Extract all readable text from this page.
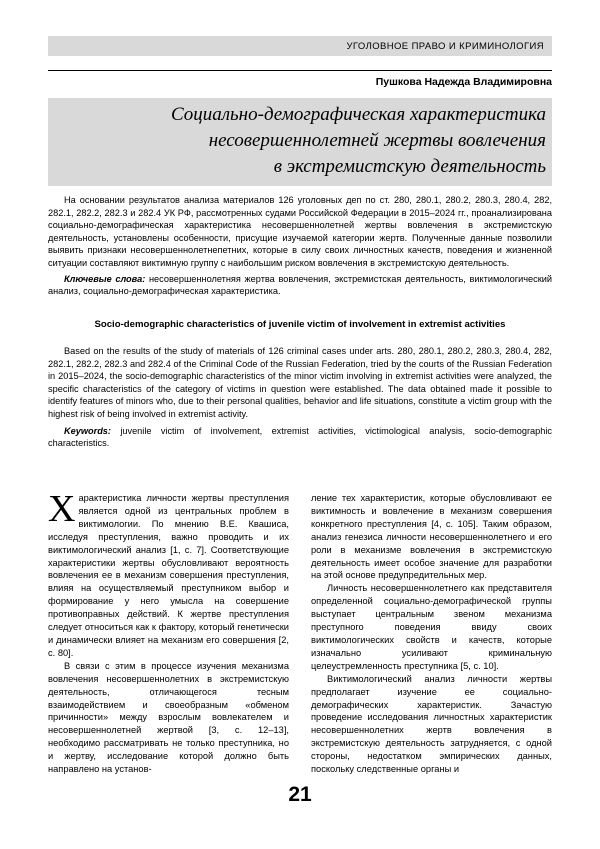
УГОЛОВНОЕ ПРАВО И КРИМИНОЛОГИЯ
Пушкова Надежда Владимировна
Социально-демографическая характеристика
несовершеннолетней жертвы вовлечения
в экстремистскую деятельность

На основании результатов анализа материалов 126 уголовных деп по ст. 280, 280.1, 280.2, 280.3, 280.4, 282, 282.1, 282.2, 282.3 и 282.4 УК РФ, рассмотренных судами Российской Федерации в 2015–2024 гг., проанализирована социально-демографическая характеристика несовершеннолетней жертвы вовлечения в экстремистскую деятельность, установлены особенности, присущие изучаемой категории жертв. Полученные данные позволили выявить признаки несовершеннолетнепетних, которые в силу своих личностных качеств, поведения и жизненной ситуации составляют виктимную группу с наибольшим риском вовлечения в экстремистскую деятельность.

Ключевые слова: несовершеннолетняя жертва вовлечения, экстремистская деятельность, виктимологический анализ, социально-демографическая характеристика.

Socio-demographic characteristics of juvenile victim of involvement in extremist activities

Based on the results of the study of materials of 126 criminal cases under arts. 280, 280.1, 280.2, 280.3, 280.4, 282, 282.1, 282.2, 282.3 and 282.4 of the Criminal Code of the Russian Federation, tried by the courts of the Russian Federation in 2015–2024, the socio-demographic characteristics of the minor victim involving in extremist activities were analyzed, the specific characteristics of the category of victims in question were established. The data obtained made it possible to identify features of minors who, due to their personal qualities, behavior and life situations, constitute a victim group with the highest risk of being involved in extremist activity.

Keywords: juvenile victim of involvement, extremist activities, victimological analysis, socio-demographic characteristics.

Характеристика личности жертвы преступления является одной из центральных проблем в виктимологии. По мнению В.Е. Квашиса, исследуя преступления, важно проводить и их виктимологический анализ [1, с. 7]. Соответствующие характеристики жертвы обусловливают вероятность вовлечения ее в механизм совершения преступления, влияя на осуществляемый преступником выбор и формирование у него умысла на совершение противоправных действий. К жертве преступления следует относиться как к фактору, который генетически и динамически влияет на механизм его совершения [2, с. 80].

В связи с этим в процессе изучения механизма вовлечения несовершеннолетних в экстремистскую деятельность, отличающегося тесным взаимодействием и своеобразным «обменом причинности» между взрослым вовлекателем и несовершеннолетней жертвой [3, с. 12–13], необходимо рассматривать не только преступника, но и жертву, исследование которой должно быть направлено на установ-

ление тех характеристик, которые обусловливают ее виктимность и вовлечение в механизм совершения конкретного преступления [4, с. 105]. Таким образом, анализ генезиса личности несовершеннолетнего и его роли в механизме вовлечения в экстремистскую деятельность имеет особое значение для разработки на этой основе предупредительных мер.

Личность несовершеннолетнего как представителя определенной социально-демографической группы выступает центральным звеном механизма преступного поведения ввиду своих виктимологических свойств и качеств, которые изначально усиливают криминальную целеустремленность преступника [5, с. 10].

Виктимологический анализ личности жертвы предполагает изучение ее социально-демографических характеристик. Зачастую проведение исследования личностных характеристик несовершеннолетних жертв вовлечения в экстремистскую деятельность затрудняется, с одной стороны, недостатком эмпирических данных, поскольку следственные органы и

21
